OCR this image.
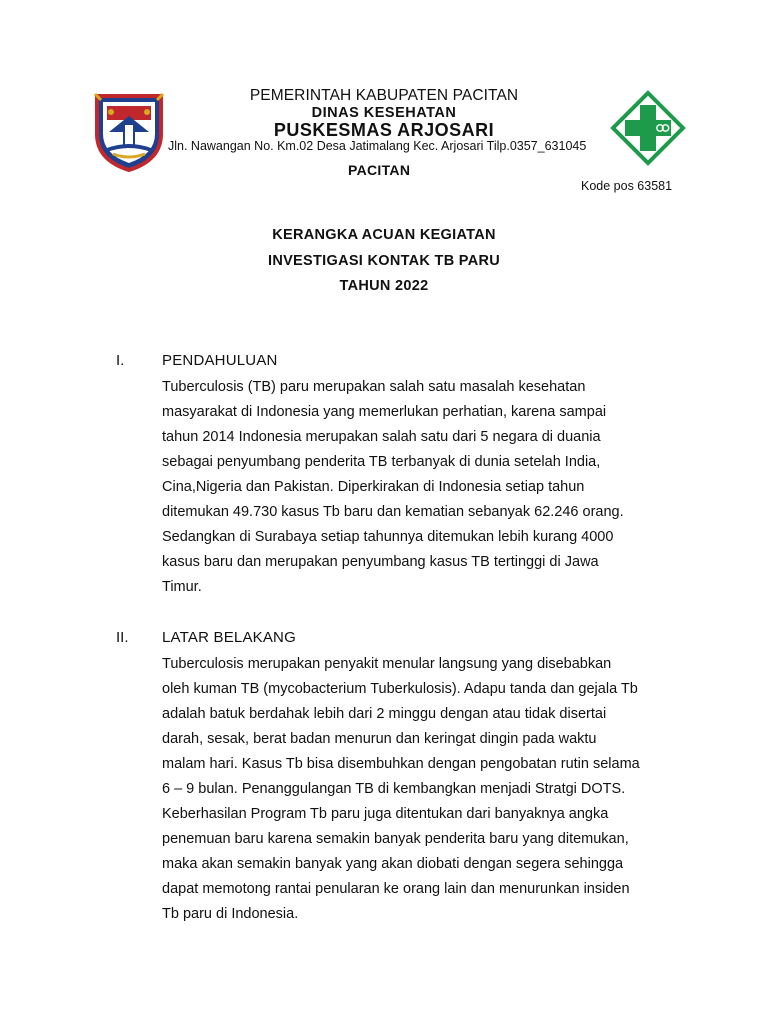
PEMERINTAH KABUPATEN PACITAN
DINAS KESEHATAN
PUSKESMAS ARJOSARI
Jln. Nawangan No. Km.02 Desa Jatimalang Kec. Arjosari Tilp.0357_631045
PACITAN
Kode pos 63581
KERANGKA ACUAN KEGIATAN
INVESTIGASI KONTAK TB PARU
TAHUN 2022
I.	PENDAHULUAN
Tuberculosis (TB) paru merupakan salah satu masalah kesehatan
masyarakat di Indonesia yang memerlukan perhatian, karena sampai
tahun 2014 Indonesia merupakan salah satu dari 5 negara di duania
sebagai penyumbang penderita TB terbanyak di dunia setelah India,
Cina,Nigeria dan Pakistan. Diperkirakan di Indonesia setiap tahun
ditemukan 49.730 kasus Tb baru dan kematian sebanyak 62.246 orang.
Sedangkan di Surabaya setiap tahunnya ditemukan lebih kurang 4000
kasus baru dan merupakan penyumbang kasus TB tertinggi di Jawa
Timur.
II. LATAR BELAKANG
Tuberculosis merupakan penyakit menular langsung yang disebabkan
oleh kuman TB (mycobacterium Tuberkulosis). Adapu tanda dan gejala Tb
adalah batuk berdahak lebih dari 2 minggu dengan atau tidak disertai
darah, sesak, berat badan menurun dan keringat dingin pada waktu
malam hari. Kasus Tb bisa disembuhkan dengan pengobatan rutin selama
6 – 9 bulan. Penanggulangan TB di kembangkan menjadi Stratgi DOTS.
Keberhasilan Program Tb paru juga ditentukan dari banyaknya angka
penemuan baru karena semakin banyak penderita baru yang ditemukan,
maka akan semakin banyak yang akan diobati dengan segera sehingga
dapat memotong rantai penularan ke orang lain dan menurunkan insiden
Tb paru di Indonesia.
